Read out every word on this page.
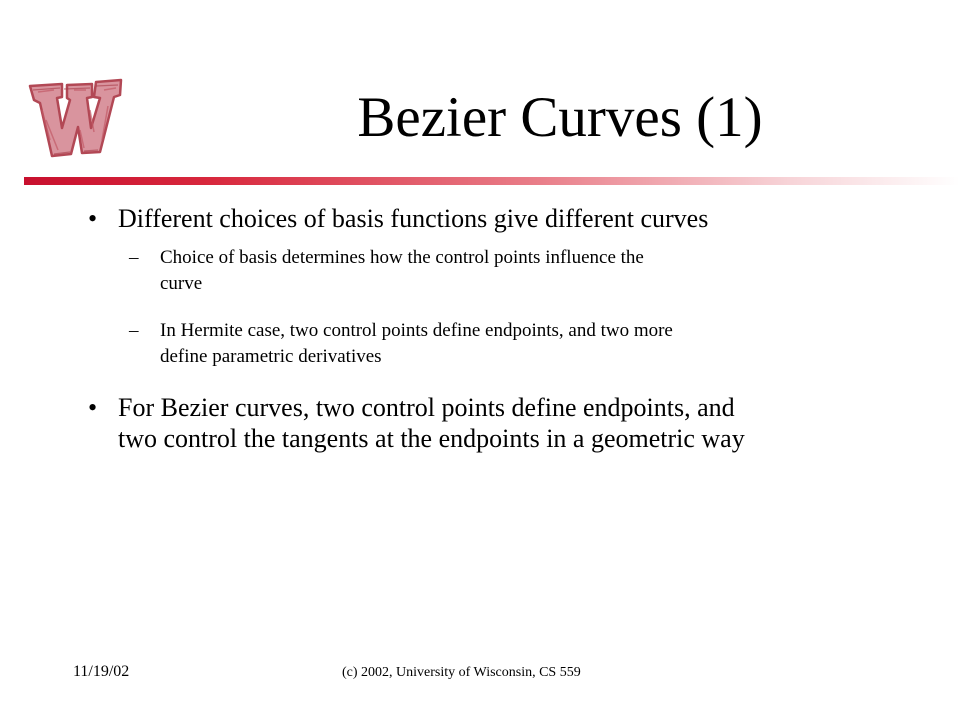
Bezier Curves (1)
• Different choices of basis functions give different curves
– Choice of basis determines how the control points influence the
curve
– In Hermite case, two control points define endpoints, and two more
define parametric derivatives
• For Bezier curves, two control points define endpoints, and
two control the tangents at the endpoints in a geometric way
11/19/02	(c) 2002, University of Wisconsin, CS 559
